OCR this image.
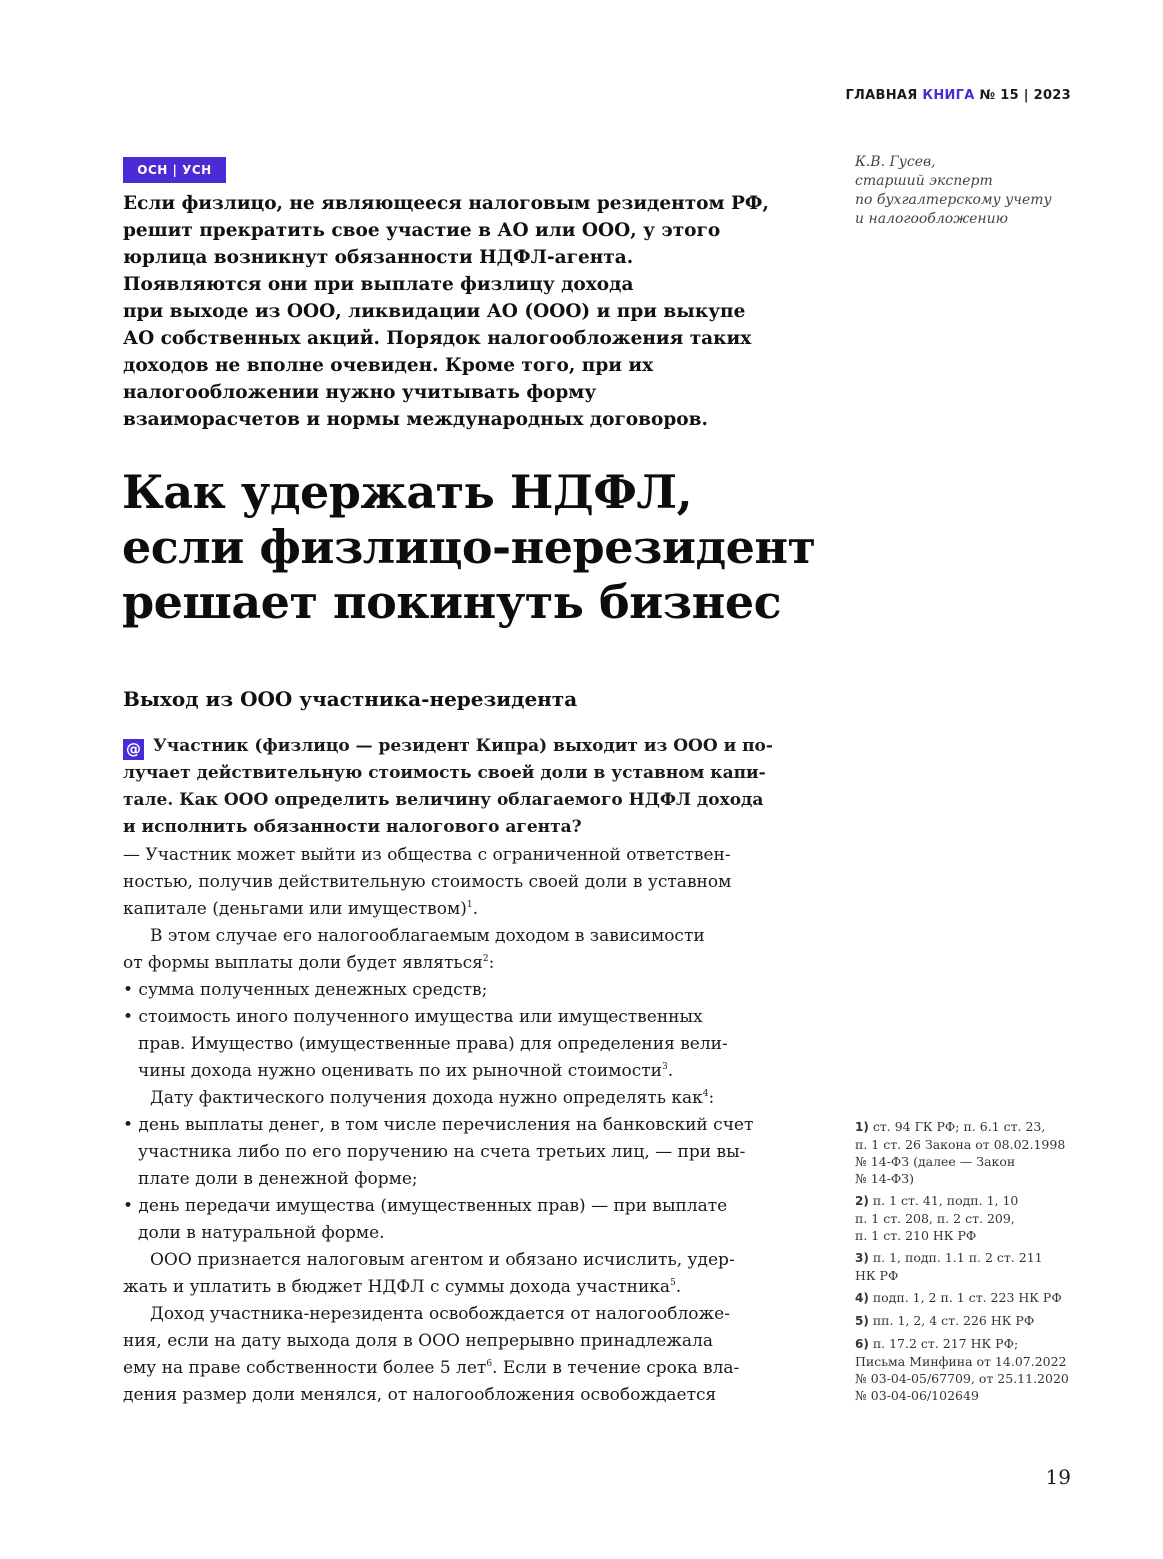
ГЛАВНАЯ КНИГА № 15 | 2023
ОСН | УСН	К.В. Гусев,
старший эксперт
по бухгалтерскому учету
и налогообложению
Если физлицо, не являющееся налоговым резидентом РФ,
решит прекратить свое участие в АО или ООО, у этого
юрлица возникнут обязанности НДФЛ-агента.
Появляются они при выплате физлицу дохода
при выходе из ООО, ликвидации АО (ООО) и при выкупе
АО собственных акций. Порядок налогообложения таких
доходов не вполне очевиден. Кроме того, при их
налогообложении нужно учитывать форму
взаиморасчетов и нормы международных договоров.
Как удержать НДФЛ,
если физлицо-нерезидент
решает покинуть бизнес
Выход из ООО участника-нерезидента
@ Участник (физлицо — резидент Кипра) выходит из ООО и по-
лучает действительную стоимость своей доли в уставном капи-
тале. Как ООО определить величину облагаемого НДФЛ дохода
и исполнить обязанности налогового агента?
— Участник может выйти из общества с ограниченной ответствен-
ностью, получив действительную стоимость своей доли в уставном
капитале (деньгами или имуществом)$^1$.
В этом случае его налогооблагаемым доходом в зависимости
от формы выплаты доли будет являться$^2$:
• сумма полученных денежных средств;
• стоимость иного полученного имущества или имущественных
прав. Имущество (имущественные права) для определения вели-
чины дохода нужно оценивать по их рыночной стоимости$^3$.
Дату фактического получения дохода нужно определять как$^4$:
• день выплаты денег, в том числе перечисления на банковский счет
участника либо по его поручению на счета третьих лиц, — при вы-
плате доли в денежной форме;
• день передачи имущества (имущественных прав) — при выплате
доли в натуральной форме.
ООО признается налоговым агентом и обязано исчислить, удер-
жать и уплатить в бюджет НДФЛ с суммы дохода участника$^5$.
Доход участника-нерезидента освобождается от налогообложе-
ния, если на дату выхода доля в ООО непрерывно принадлежала
ему на праве собственности более 5 лет$^6$. Если в течение срока вла-
дения размер доли менялся, от налогообложения освобождается
1) ст. 94 ГК РФ; п. 6.1 ст. 23,
п. 1 ст. 26 Закона от 08.02.1998
№ 14-ФЗ (далее — Закон
№ 14-ФЗ)
2) п. 1 ст. 41, подп. 1, 10
п. 1 ст. 208, п. 2 ст. 209,
п. 1 ст. 210 НК РФ
3) п. 1, подп. 1.1 п. 2 ст. 211
НК РФ
4) подп. 1, 2 п. 1 ст. 223 НК РФ
5) пп. 1, 2, 4 ст. 226 НК РФ
6) п. 17.2 ст. 217 НК РФ;
Письма Минфина от 14.07.2022
№ 03-04-05/67709, от 25.11.2020
№ 03-04-06/102649
19
